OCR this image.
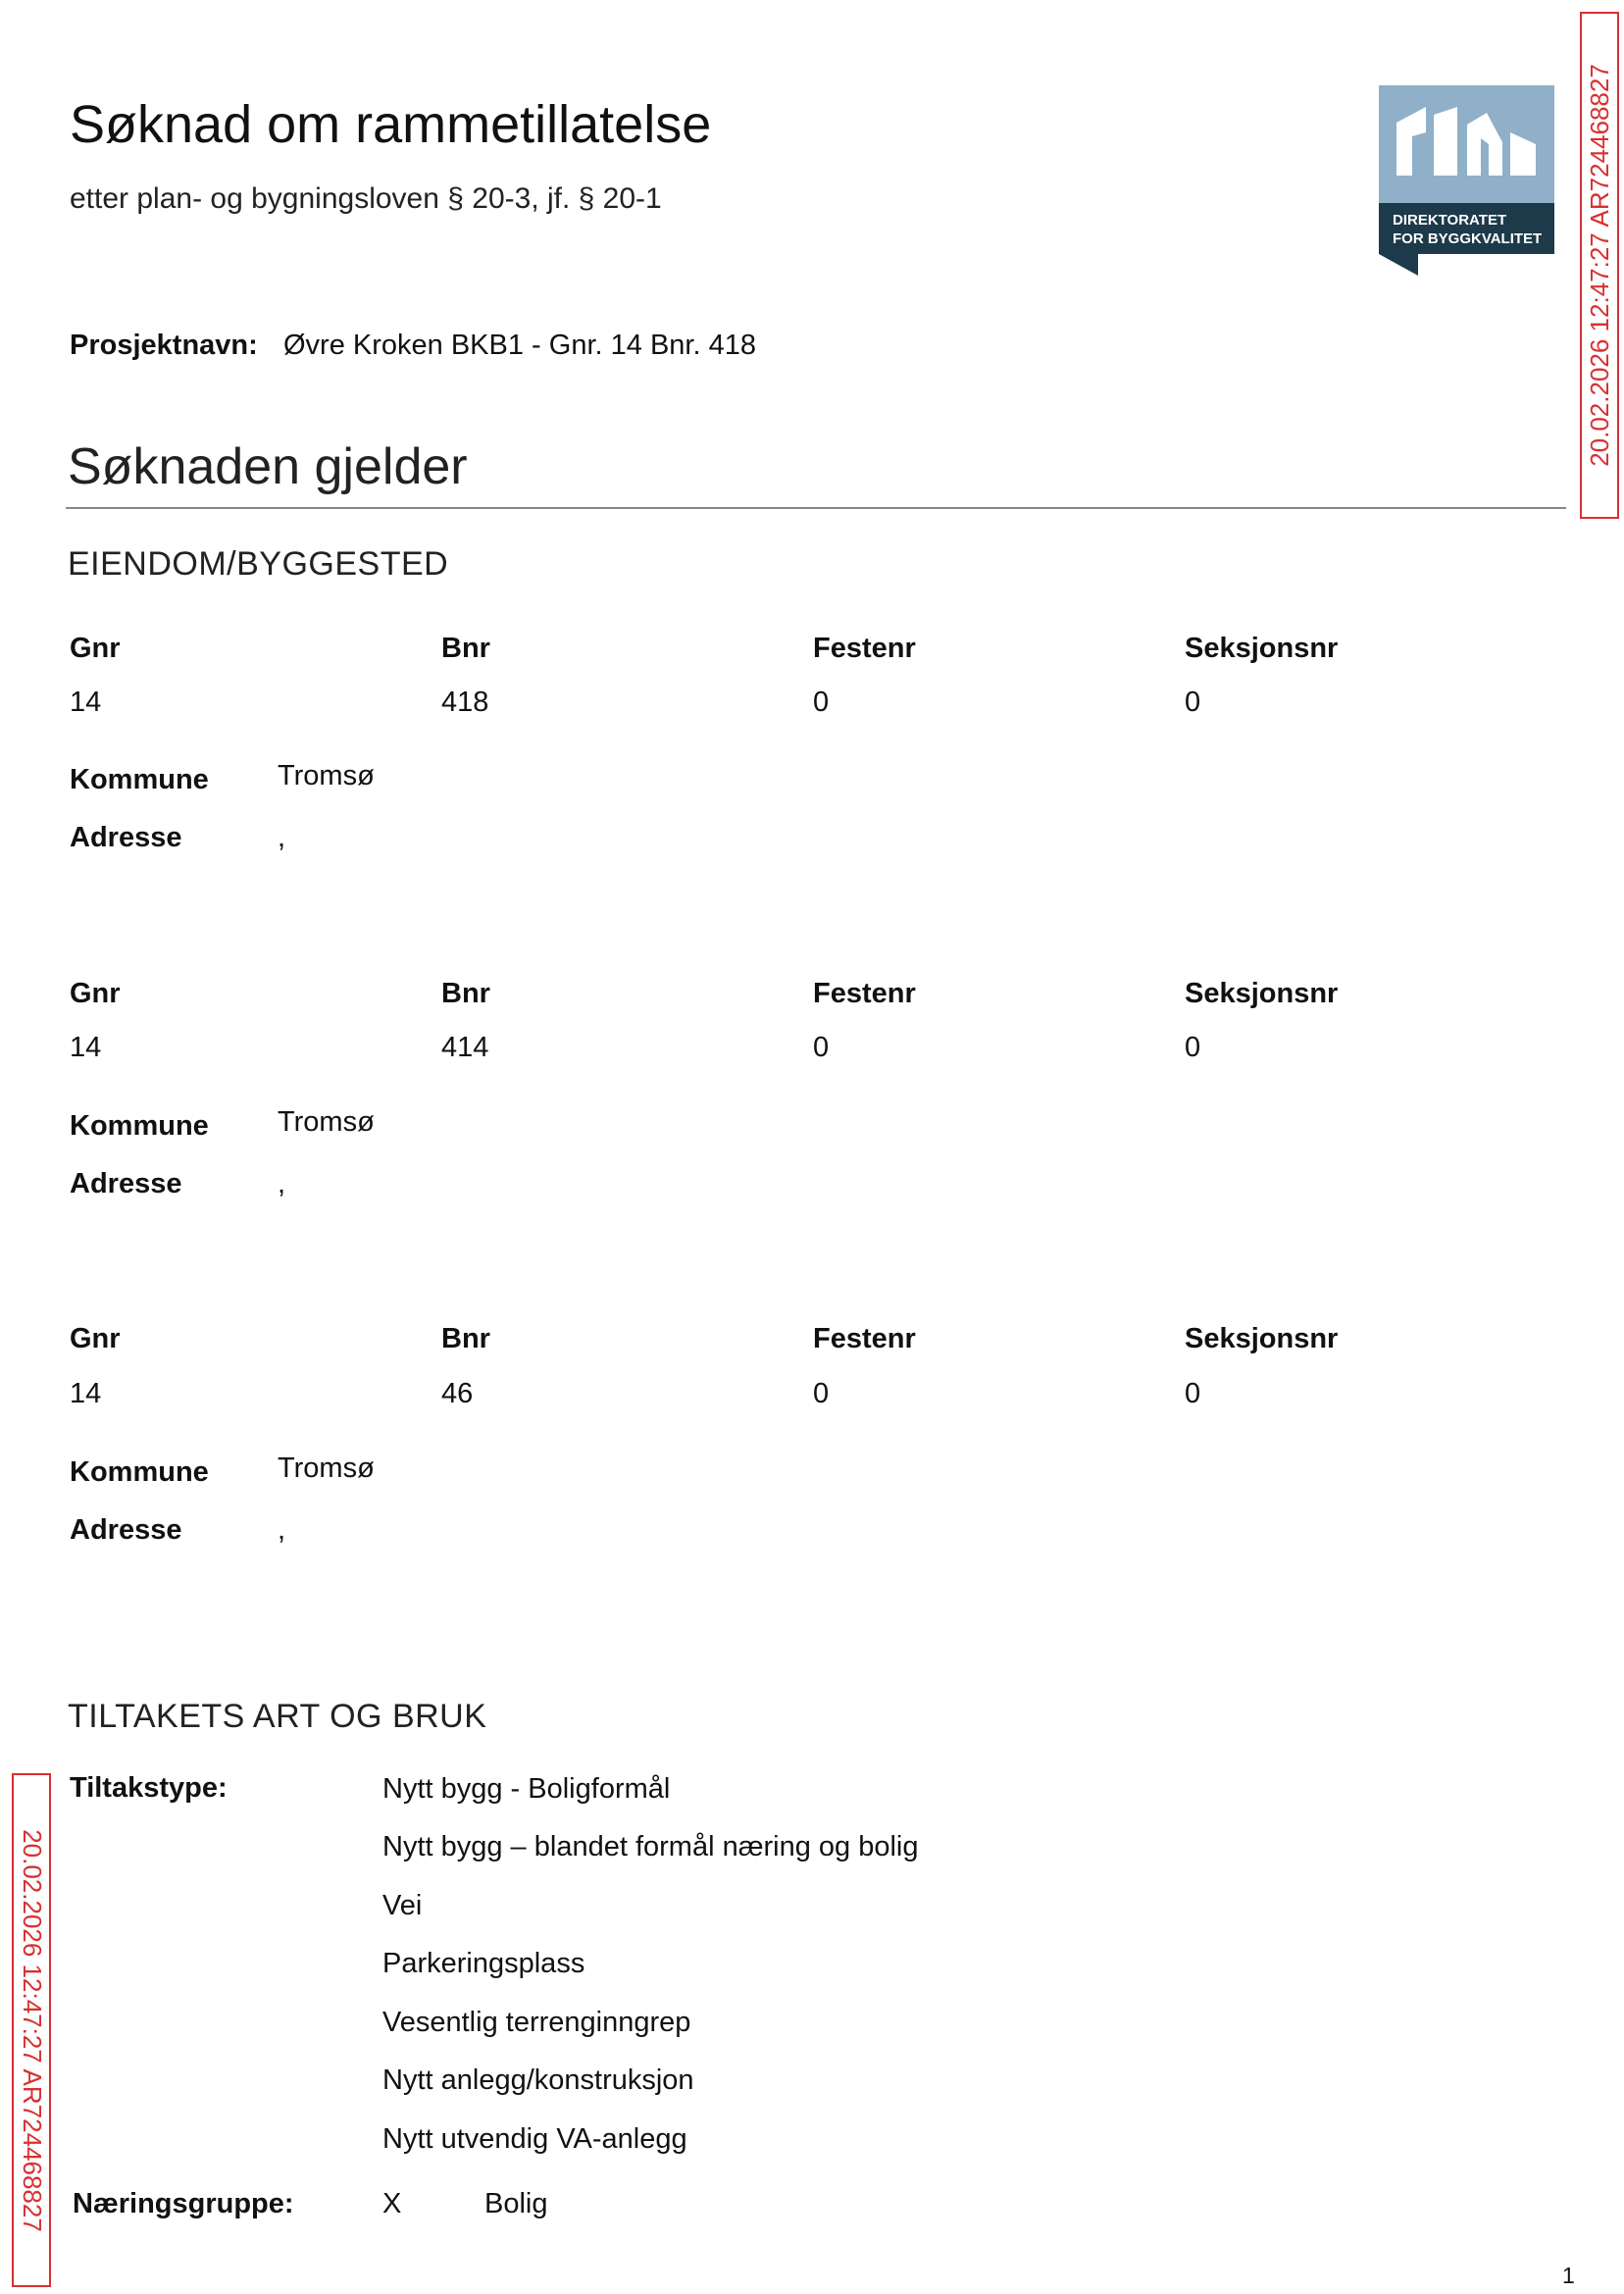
Søknad om rammetillatelse
etter plan- og bygningsloven § 20-3, jf. § 20-1
DIREKTORATET
FOR BYGGKVALITET 20.02.2026 12:47:27 AR724468827
20.02.2026 12:47:27 AR724468827
Prosjektnavn: Øvre Kroken BKB1 - Gnr. 14 Bnr. 418
Søknaden gjelder
EIENDOM/BYGGESTED
Gnr	Bnr	Festenr	Seksjonsnr
14	418	0	0
Kommune Tromsø
Adresse	,
Gnr	Bnr	Festenr	Seksjonsnr
14	414	0	0
Kommune Tromsø
Adresse	,
Gnr	Bnr	Festenr	Seksjonsnr
14	46	0	0
Kommune Tromsø
Adresse	,
TILTAKETS ART OG BRUK
Tiltakstype:	Nytt bygg - Boligformål
Nytt bygg – blandet formål næring og bolig
Vei
Parkeringsplass
Vesentlig terrenginngrep
Nytt anlegg/konstruksjon
Nytt utvendig VA-anlegg
Næringsgruppe:	X	Bolig
1
